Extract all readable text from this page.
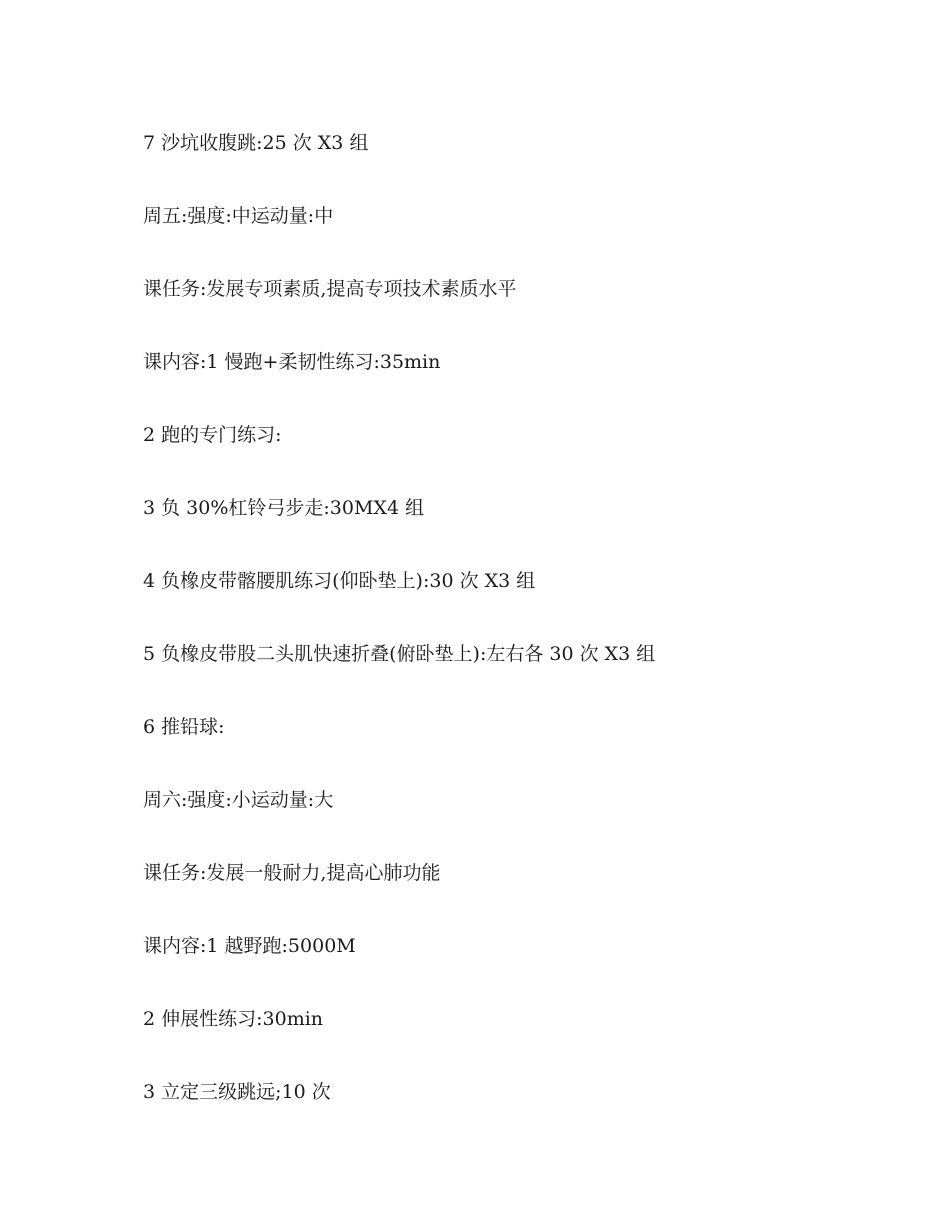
7 沙坑收腹跳:25 次 X3 组
周五:强度:中运动量:中
课任务:发展专项素质,提高专项技术素质水平
课内容:1 慢跑+柔韧性练习:35min
2 跑的专门练习:
3 负 30%杠铃弓步走:30MX4 组
4 负橡皮带髂腰肌练习(仰卧垫上):30 次 X3 组
5 负橡皮带股二头肌快速折叠(俯卧垫上):左右各 30 次 X3 组
6 推铅球:
周六:强度:小运动量:大
课任务:发展一般耐力,提高心肺功能
课内容:1 越野跑:5000M
2 伸展性练习:30min
3 立定三级跳远;10 次
